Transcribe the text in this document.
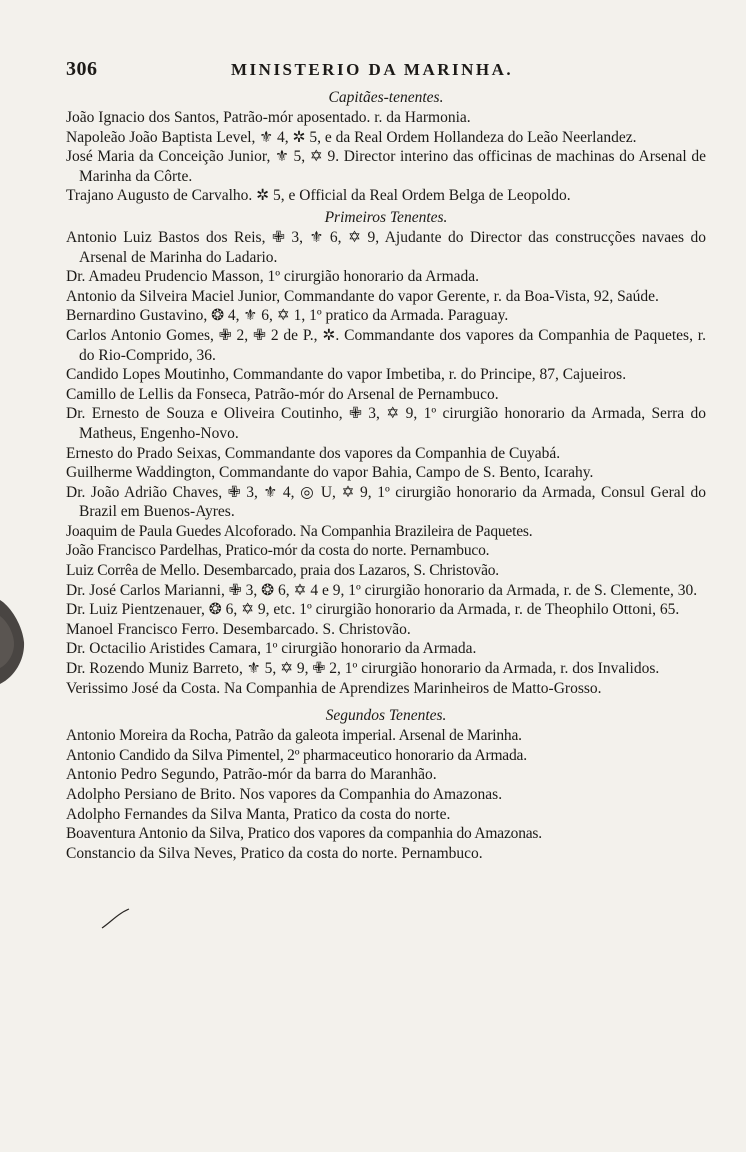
306	MINISTERIO DA MARINHA.
Capitães-tenentes.
João Ignacio dos Santos, Patrão-mór aposentado. r. da Harmonia.
Napoleão João Baptista Level, ⚜ 4, ✲ 5, e da Real Ordem Hollandeza do Leão Neerlandez.
José Maria da Conceição Junior, ⚜ 5, ✡ 9. Director interino das officinas de machinas do Arsenal de Marinha da Côrte.
Trajano Augusto de Carvalho. ✲ 5, e Official da Real Ordem Belga de Leopoldo.
Primeiros Tenentes.
Antonio Luiz Bastos dos Reis, ✙ 3, ⚜ 6, ✡ 9, Ajudante do Director das construcções navaes do Arsenal de Marinha do Ladario.
Dr. Amadeu Prudencio Masson, 1º cirurgião honorario da Armada.
Antonio da Silveira Maciel Junior, Commandante do vapor Gerente, r. da Boa-Vista, 92, Saúde.
Bernardino Gustavino, ❂ 4, ⚜ 6, ✡ 1, 1º pratico da Armada. Paraguay.
Carlos Antonio Gomes, ✙ 2, ✙ 2 de P., ✲. Commandante dos vapores da Companhia de Paquetes, r. do Rio-Comprido, 36.
Candido Lopes Moutinho, Commandante do vapor Imbetiba, r. do Principe, 87, Cajueiros.
Camillo de Lellis da Fonseca, Patrão-mór do Arsenal de Pernambuco.
Dr. Ernesto de Souza e Oliveira Coutinho, ✙ 3, ✡ 9, 1º cirurgião honorario da Armada, Serra do Matheus, Engenho-Novo.
Ernesto do Prado Seixas, Commandante dos vapores da Companhia de Cuyabá.
Guilherme Waddington, Commandante do vapor Bahia, Campo de S. Bento, Icarahy.
Dr. João Adrião Chaves, ✙ 3, ⚜ 4, ◎ U, ✡ 9, 1º cirurgião honorario da Armada, Consul Geral do Brazil em Buenos-Ayres.
Joaquim de Paula Guedes Alcoforado. Na Companhia Brazileira de Paquetes.
João Francisco Pardelhas, Pratico-mór da costa do norte. Pernambuco.
Luiz Corrêa de Mello. Desembarcado, praia dos Lazaros, S. Christovão.
Dr. José Carlos Marianni, ✙ 3, ❂ 6, ✡ 4 e 9, 1º cirurgião honorario da Armada, r. de S. Clemente, 30.
Dr. Luiz Pientzenauer, ❂ 6, ✡ 9, etc. 1º cirurgião honorario da Armada, r. de Theophilo Ottoni, 65.
Manoel Francisco Ferro. Desembarcado. S. Christovão.
Dr. Octacilio Aristides Camara, 1º cirurgião honorario da Armada.
Dr. Rozendo Muniz Barreto, ⚜ 5, ✡ 9, ✙ 2, 1º cirurgião honorario da Armada, r. dos Invalidos.
Verissimo José da Costa. Na Companhia de Aprendizes Marinheiros de Matto-Grosso.
Segundos Tenentes.
Antonio Moreira da Rocha, Patrão da galeota imperial. Arsenal de Marinha.
Antonio Candido da Silva Pimentel, 2º pharmaceutico honorario da Armada.
Antonio Pedro Segundo, Patrão-mór da barra do Maranhão.
Adolpho Persiano de Brito. Nos vapores da Companhia do Amazonas.
Adolpho Fernandes da Silva Manta, Pratico da costa do norte.
Boaventura Antonio da Silva, Pratico dos vapores da companhia do Amazonas.
Constancio da Silva Neves, Pratico da costa do norte. Pernambuco.
